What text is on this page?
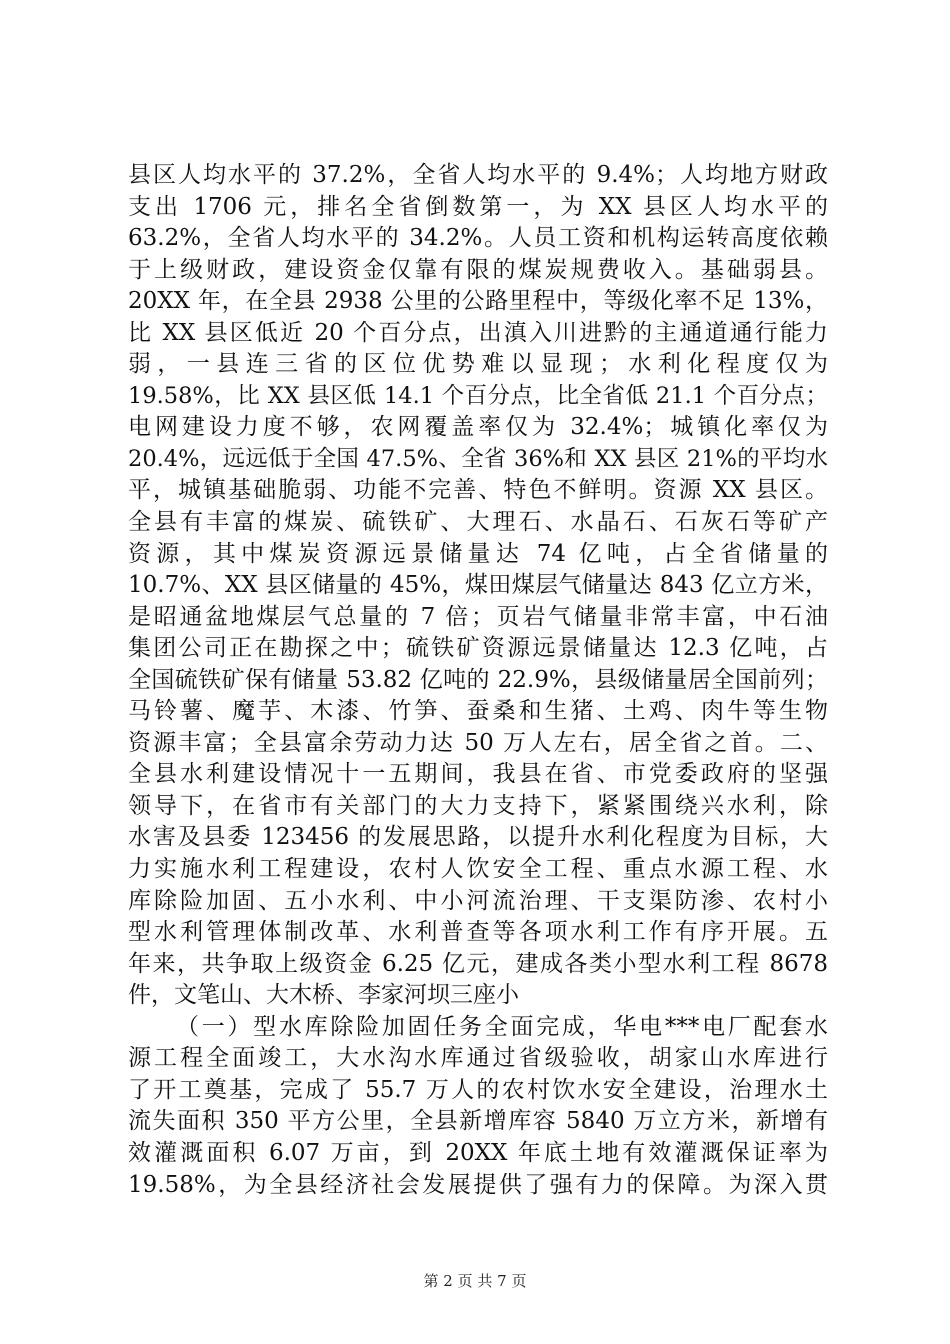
县区人均水平的 37.2%，全省人均水平的 9.4%；人均地方财政
支出 1706 元，排名全省倒数第一，为 XX 县区人均水平的
63.2%，全省人均水平的 34.2%。人员工资和机构运转高度依赖
于上级财政，建设资金仅靠有限的煤炭规费收入。基础弱县。
20XX 年，在全县 2938 公里的公路里程中，等级化率不足 13%，
比 XX 县区低近 20 个百分点，出滇入川进黔的主通道通行能力
弱，一县连三省的区位优势难以显现；水利化程度仅为
19.58%，比 XX 县区低 14.1 个百分点，比全省低 21.1 个百分点；
电网建设力度不够，农网覆盖率仅为 32.4%；城镇化率仅为
20.4%，远远低于全国 47.5%、全省 36%和 XX 县区 21%的平均水
平，城镇基础脆弱、功能不完善、特色不鲜明。资源 XX 县区。
全县有丰富的煤炭、硫铁矿、大理石、水晶石、石灰石等矿产
资源，其中煤炭资源远景储量达 74 亿吨，占全省储量的
10.7%、XX 县区储量的 45%，煤田煤层气储量达 843 亿立方米，
是昭通盆地煤层气总量的 7 倍；页岩气储量非常丰富，中石油
集团公司正在勘探之中；硫铁矿资源远景储量达 12.3 亿吨，占
全国硫铁矿保有储量 53.82 亿吨的 22.9%，县级储量居全国前列；
马铃薯、魔芋、木漆、竹笋、蚕桑和生猪、土鸡、肉牛等生物
资源丰富；全县富余劳动力达 50 万人左右，居全省之首。二、
全县水利建设情况十一五期间，我县在省、市党委政府的坚强
领导下，在省市有关部门的大力支持下，紧紧围绕兴水利，除
水害及县委 123456 的发展思路，以提升水利化程度为目标，大
力实施水利工程建设，农村人饮安全工程、重点水源工程、水
库除险加固、五小水利、中小河流治理、干支渠防渗、农村小
型水利管理体制改革、水利普查等各项水利工作有序开展。五
年来，共争取上级资金 6.25 亿元，建成各类小型水利工程 8678
件，文笔山、大木桥、李家河坝三座小
（一）型水库除险加固任务全面完成，华电***电厂配套水
源工程全面竣工，大水沟水库通过省级验收，胡家山水库进行
了开工奠基，完成了 55.7 万人的农村饮水安全建设，治理水土
流失面积 350 平方公里，全县新增库容 5840 万立方米，新增有
效灌溉面积 6.07 万亩，到 20XX 年底土地有效灌溉保证率为
19.58%，为全县经济社会发展提供了强有力的保障。为深入贯
第 2 页 共 7 页
